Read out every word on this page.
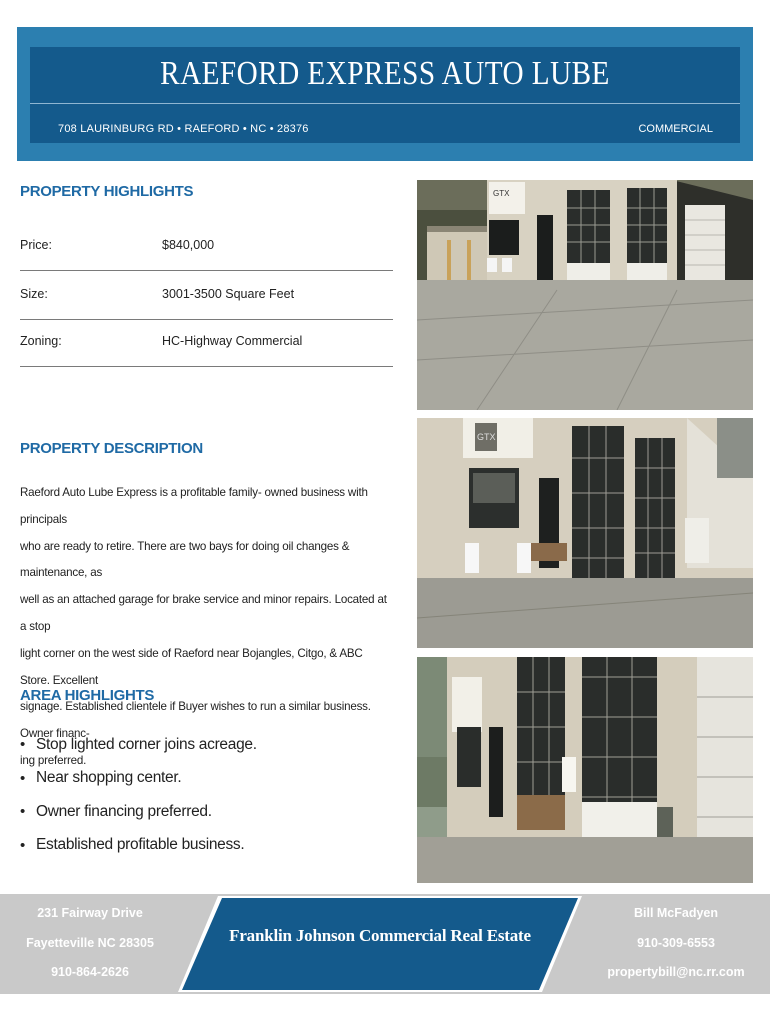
RAEFORD EXPRESS AUTO LUBE
708 LAURINBURG RD • RAEFORD • NC • 28376	COMMERCIAL
PROPERTY HIGHLIGHTS
Price:	$840,000
Size:	3001-3500 Square Feet
Zoning:	HC-Highway Commercial
PROPERTY DESCRIPTION
Raeford Auto Lube Express is a profitable family- owned business with principals
who are ready to retire. There are two bays for doing oil changes & maintenance, as
well as an attached garage for brake service and minor repairs. Located at a stop
light corner on the west side of Raeford near Bojangles, Citgo, & ABC Store. Excellent
signage. Established clientele if Buyer wishes to run a similar business. Owner financ-
ing preferred.
AREA HIGHLIGHTS
• Stop lighted corner joins acreage.
• Near shopping center.
• Owner financing preferred.
• Established profitable business.
GTX
GTX
231 Fairway Drive
Fayetteville NC 28305
910-864-2626
Franklin Johnson Commercial Real Estate
Bill McFadyen
910-309-6553
propertybill@nc.rr.com
